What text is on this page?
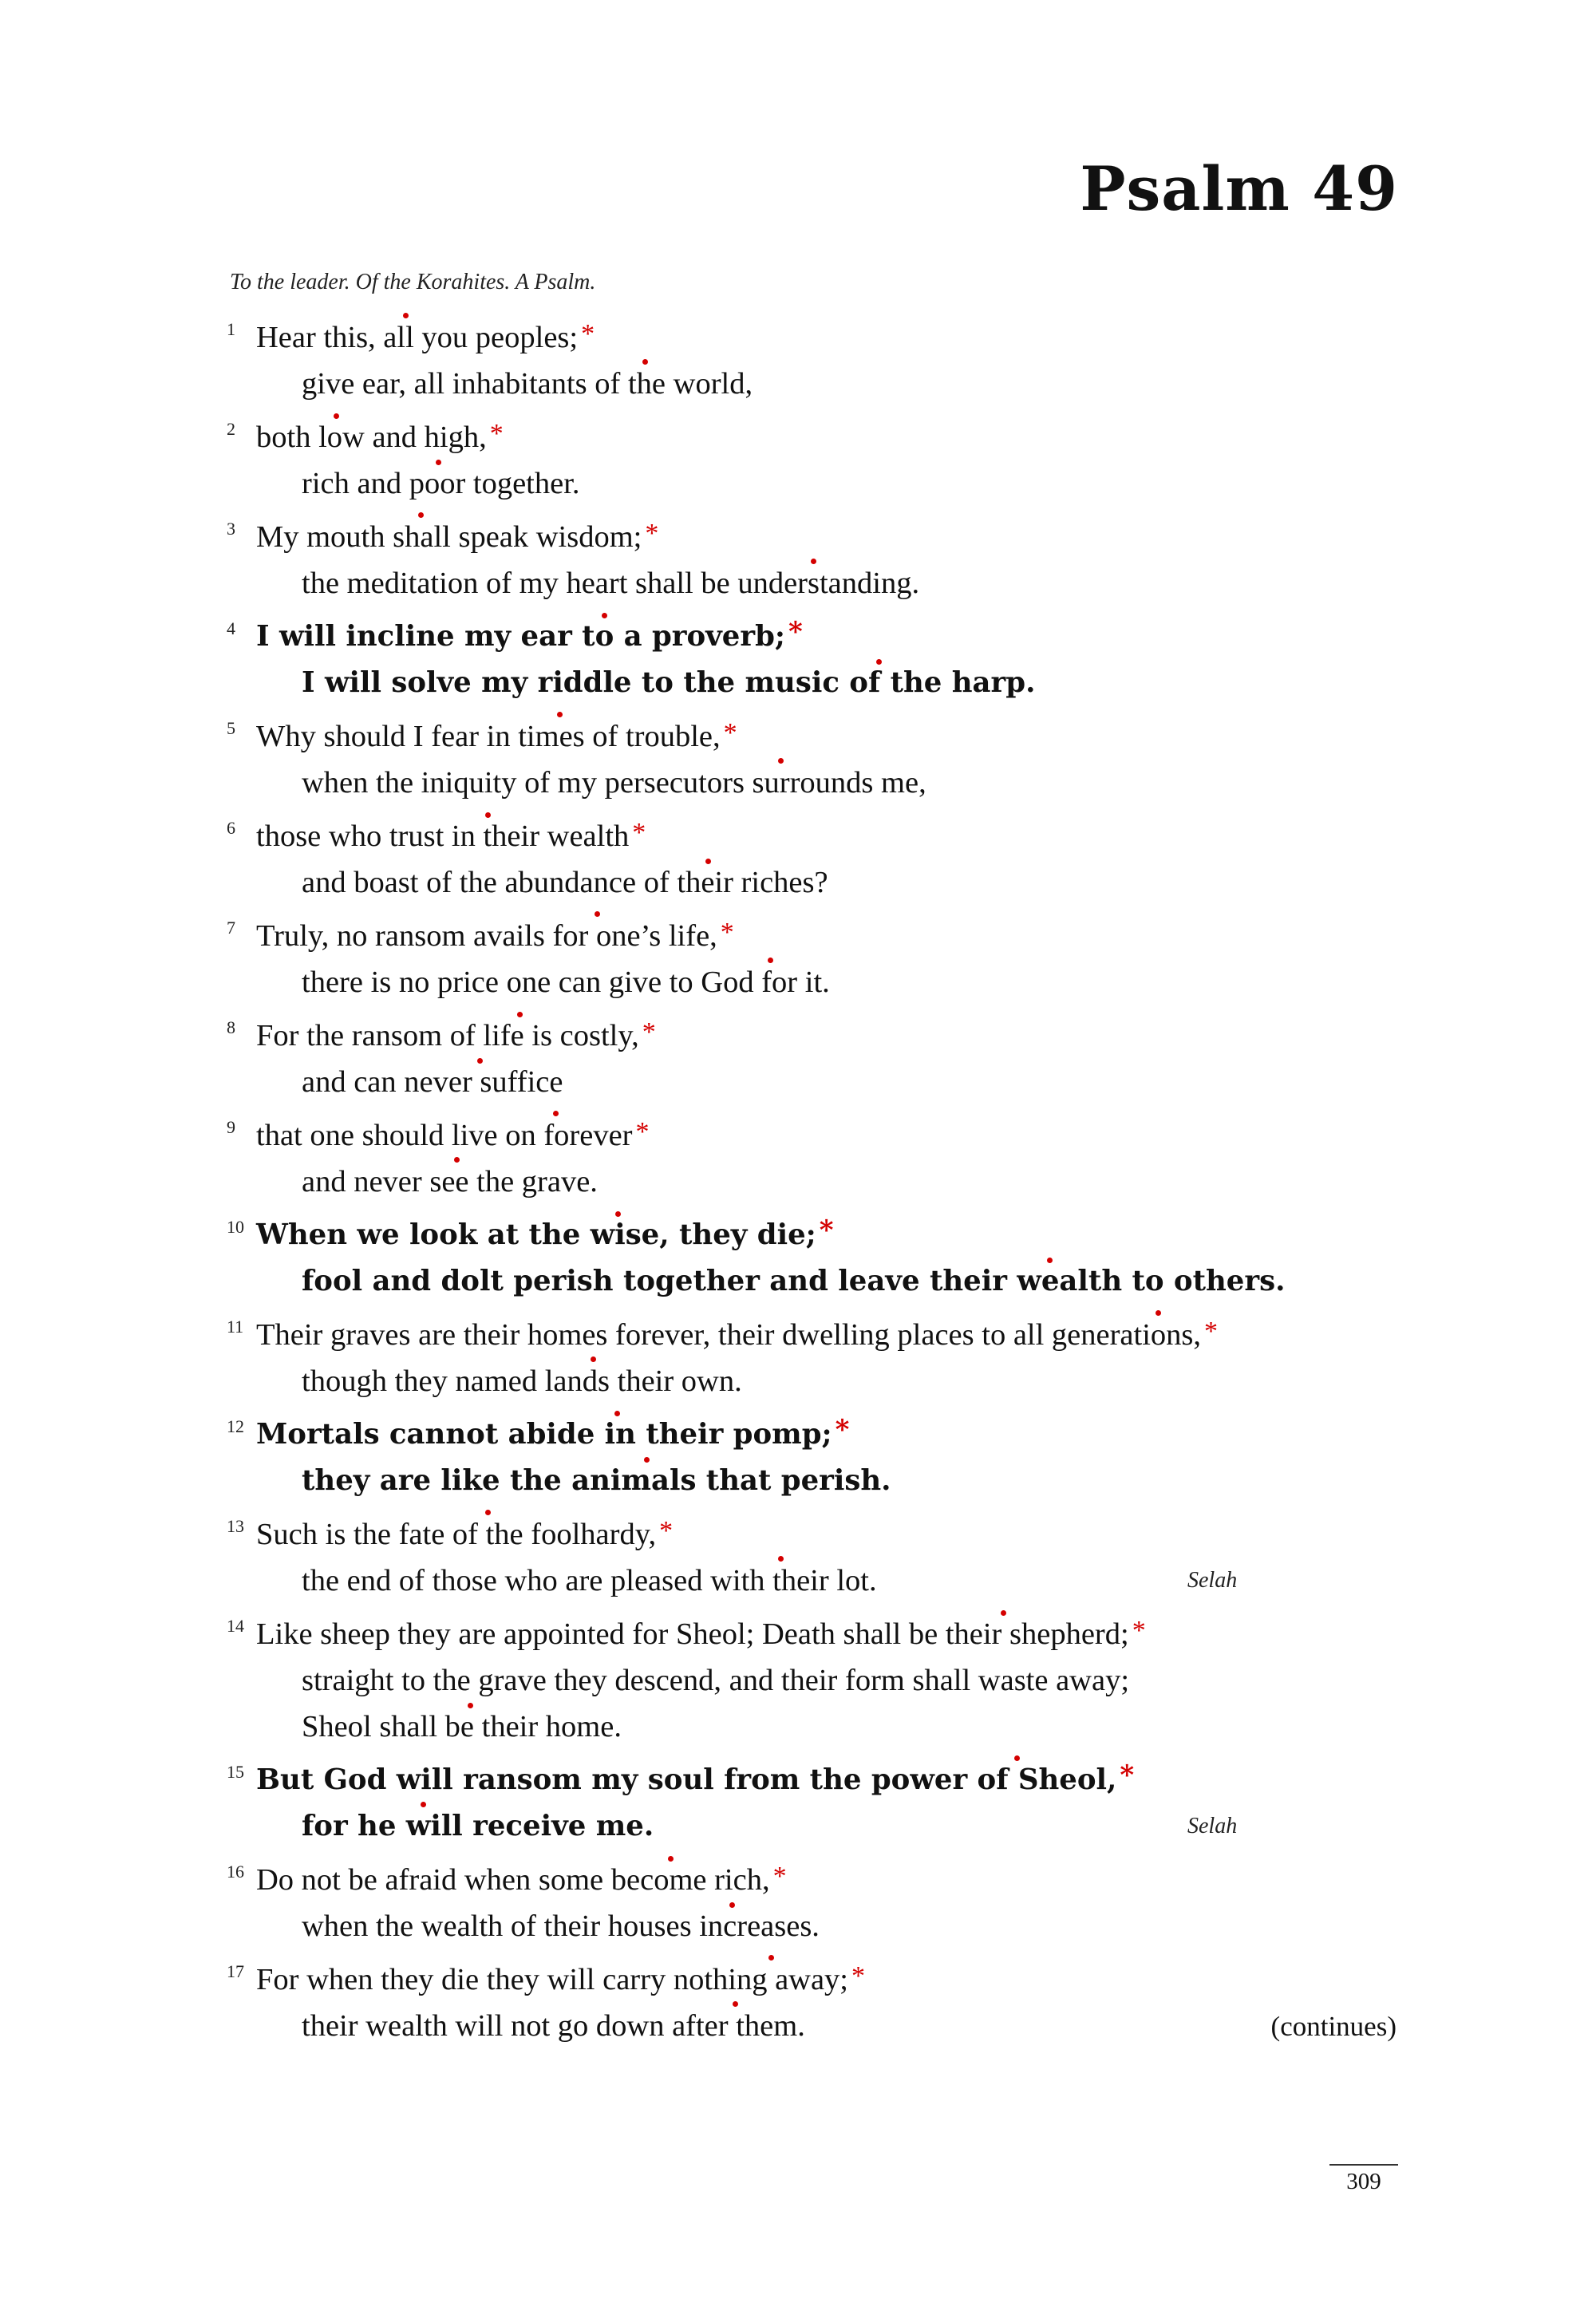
Psalm 49
To the leader. Of the Korahites. A Psalm.
1 Hear this, all you peoples; *
give ear, all inhabitants of the world,
2 both low and high, *
rich and poor together.
3 My mouth shall speak wisdom; *
the meditation of my heart shall be understanding.
4 I will incline my ear to a proverb; *
I will solve my riddle to the music of the harp.
5 Why should I fear in times of trouble, *
when the iniquity of my persecutors surrounds me,
6 those who trust in their wealth *
and boast of the abundance of their riches?
7 Truly, no ransom avails for one’s life, *
there is no price one can give to God for it.
8 For the ransom of life is costly, *
and can never suffice
9 that one should live on forever *
and never see the grave.
10 When we look at the wise, they die; *
fool and dolt perish together and leave their wealth to others.
11 Their graves are their homes forever, their dwelling places to all generations, *
though they named lands their own.
12 Mortals cannot abide in their pomp; *
they are like the animals that perish.
13 Such is the fate of the foolhardy, *
the end of those who are pleased with their lot.	Selah
14 Like sheep they are appointed for Sheol; Death shall be their shepherd; *
straight to the grave they descend, and their form shall waste away;
Sheol shall be their home.
15 But God will ransom my soul from the power of Sheol, *
for he will receive me.	Selah
16 Do not be afraid when some become rich, *
when the wealth of their houses increases.
17 For when they die they will carry nothing away; *
their wealth will not go down after them.	(continues)
309
